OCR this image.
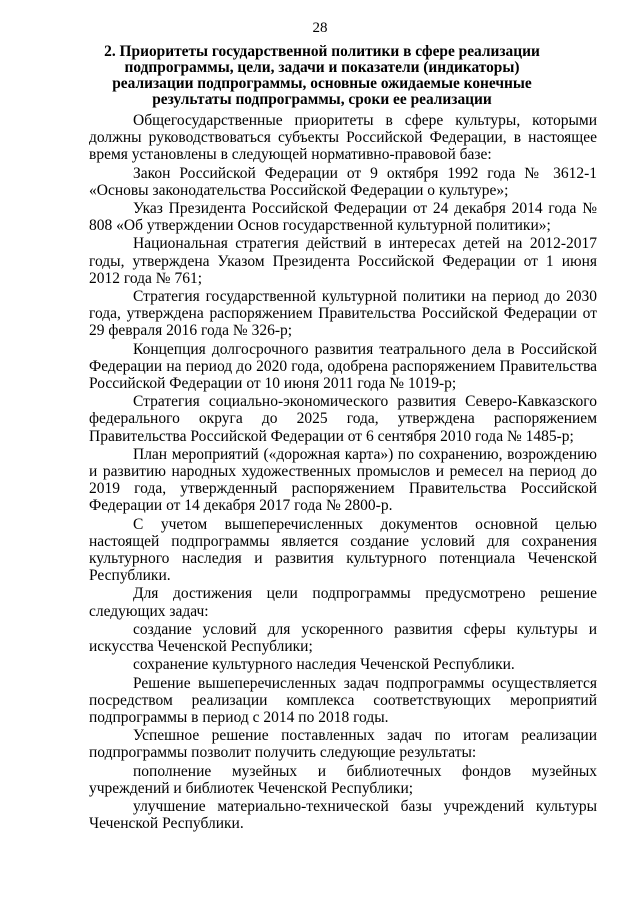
28
2. Приоритеты государственной политики в сфере реализации подпрограммы, цели, задачи и показатели (индикаторы) реализации подпрограммы, основные ожидаемые конечные результаты подпрограммы, сроки ее реализации

Общегосударственные приоритеты в сфере культуры, которыми должны руководствоваться субъекты Российской Федерации, в настоящее время установлены в следующей нормативно-правовой базе:

Закон Российской Федерации от 9 октября 1992 года № 3612-1 «Основы законодательства Российской Федерации о культуре»;

Указ Президента Российской Федерации от 24 декабря 2014 года № 808 «Об утверждении Основ государственной культурной политики»;

Национальная стратегия действий в интересах детей на 2012-2017 годы, утверждена Указом Президента Российской Федерации от 1 июня 2012 года № 761;

Стратегия государственной культурной политики на период до 2030 года, утверждена распоряжением Правительства Российской Федерации от 29 февраля 2016 года № 326-р;

Концепция долгосрочного развития театрального дела в Российской Федерации на период до 2020 года, одобрена распоряжением Правительства Российской Федерации от 10 июня 2011 года № 1019-р;

Стратегия социально-экономического развития Северо-Кавказского федерального округа до 2025 года, утверждена распоряжением Правительства Российской Федерации от 6 сентября 2010 года № 1485-р;

План мероприятий («дорожная карта») по сохранению, возрождению и развитию народных художественных промыслов и ремесел на период до 2019 года, утвержденный распоряжением Правительства Российской Федерации от 14 декабря 2017 года № 2800-р.

С учетом вышеперечисленных документов основной целью настоящей подпрограммы является создание условий для сохранения культурного наследия и развития культурного потенциала Чеченской Республики.

Для достижения цели подпрограммы предусмотрено решение следующих задач:

создание условий для ускоренного развития сферы культуры и искусства Чеченской Республики;

сохранение культурного наследия Чеченской Республики.

Решение вышеперечисленных задач подпрограммы осуществляется посредством реализации комплекса соответствующих мероприятий подпрограммы в период с 2014 по 2018 годы.

Успешное решение поставленных задач по итогам реализации подпрограммы позволит получить следующие результаты:

пополнение музейных и библиотечных фондов музейных учреждений и библиотек Чеченской Республики;

улучшение материально-технической базы учреждений культуры Чеченской Республики.
